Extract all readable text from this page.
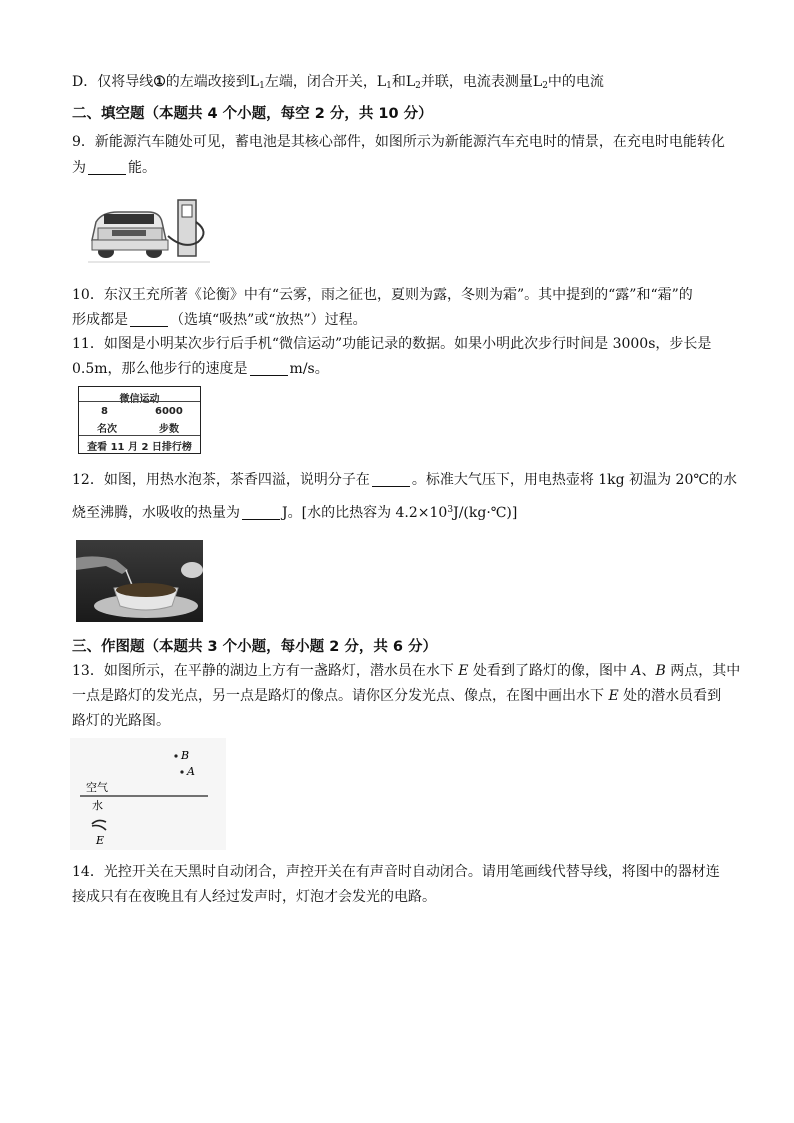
D．仅将导线①的左端改接到$L_1$左端，闭合开关，$L_1$和$L_2$并联，电流表测量$L_2$中的电流
二、填空题（本题共 4 个小题，每空 2 分，共 10 分）
9．新能源汽车随处可见，蓄电池是其核心部件，如图所示为新能源汽车充电时的情景，在充电时电能转化
为	能。
10．东汉王充所著《论衡》中有“云雾，雨之征也，夏则为露，冬则为霜”。其中提到的“露”和“霜”的
形成都是	（选填“吸热”或“放热”）过程。
11．如图是小明某次步行后手机“微信运动”功能记录的数据。如果小明此次步行时间是 3000s，步长是
0.5m，那么他步行的速度是	m/s。
微信运动
8	6000
名次	步数
查看 11 月 2 日排行榜
12．如图，用热水泡茶，茶香四溢，说明分子在	。标准大气压下，用电热壶将 1kg 初温为 20℃的水
烧至沸腾，水吸收的热量为	J。[水的比热容为 $4.2\times 10^3J/(kg\cdot℃)$]
三、作图题（本题共 3 个小题，每小题 2 分，共 6 分）
13．如图所示，在平静的湖边上方有一盏路灯，潜水员在水下 E 处看到了路灯的像，图中 A、B 两点，其中
一点是路灯的发光点，另一点是路灯的像点。请你区分发光点、像点，在图中画出水下 E 处的潜水员看到
路灯的光路图。
B
A
空气
水
E
14．光控开关在天黑时自动闭合，声控开关在有声音时自动闭合。请用笔画线代替导线，将图中的器材连
接成只有在夜晚且有人经过发声时，灯泡才会发光的电路。
